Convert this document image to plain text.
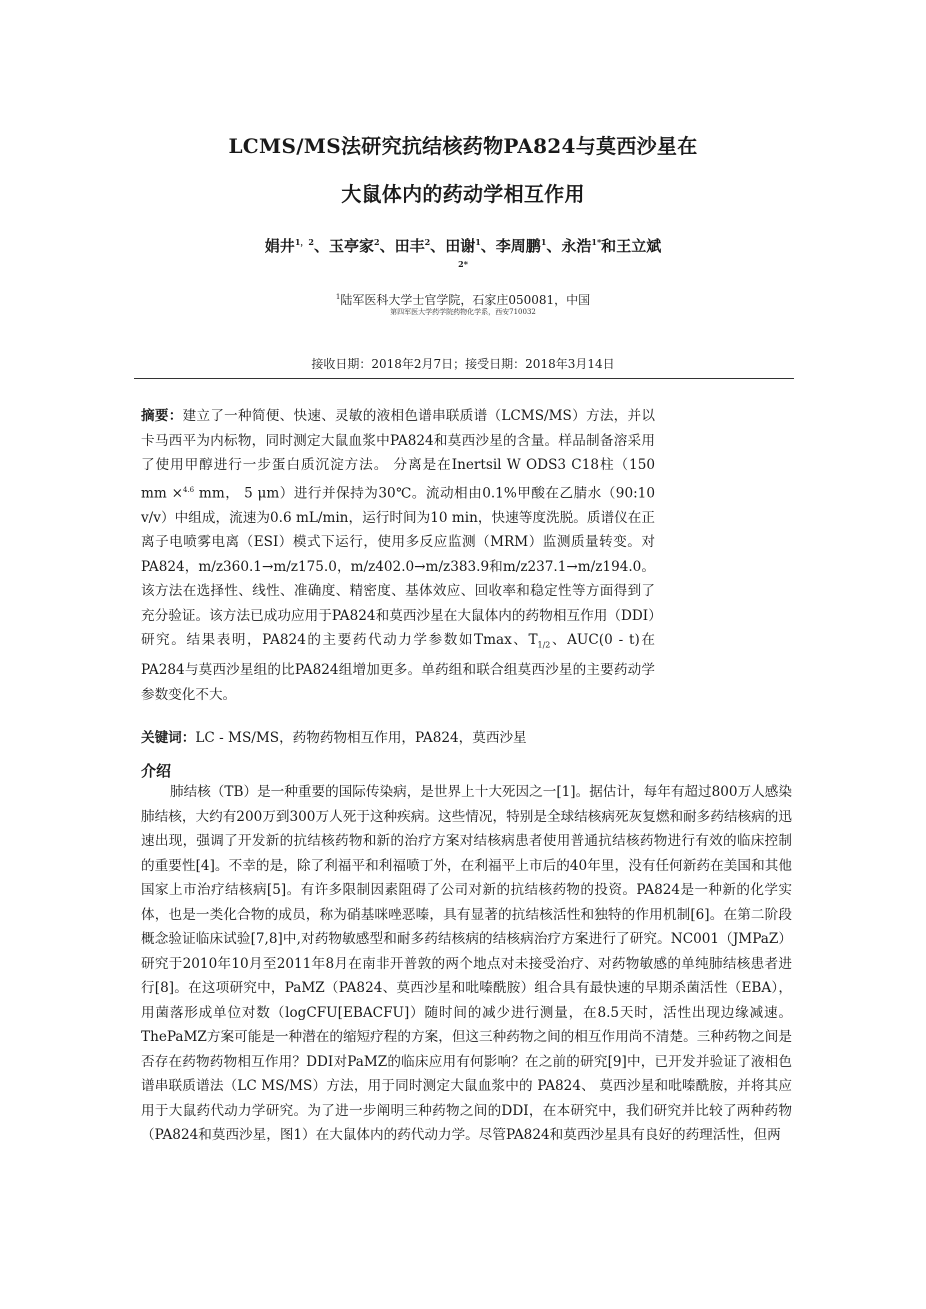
LCMS/MS法研究抗结核药物PA824与莫西沙星在
大鼠体内的药动学相互作用
娟井$^{1,2}$、玉亭家$^2$、田丰$^2$、田谢$^1$、李周鹏$^1$、永浩$^{1*}$和王立斌
2*
$^1$陆军医科大学士官学院，石家庄050081，中国
第四军医大学药学院药物化学系，西安710032
接收日期：2018年2月7日；接受日期：2018年3月14日

摘要：建立了一种简便、快速、灵敏的液相色谱串联质谱（LCMS/MS）方法，并以卡马西平为内标物，同时测定大鼠血浆中PA824和莫西沙星的含量。样品制备溶采用了使用甲醇进行一步蛋白质沉淀方法。 分离是在Inertsil W ODS3 C18柱（150 mm ×$^{4.6}$ mm， 5 μm）进行并保持为30℃。流动相由0.1%甲酸在乙腈水（90:10 v/v）中组成，流速为0.6 mL/min，运行时间为10 min，快速等度洗脱。质谱仪在正离子电喷雾电离（ESI）模式下运行，使用多反应监测（MRM）监测质量转变。对PA824，m/z360.1→m/z175.0，m/z402.0→m/z383.9和m/z237.1→m/z194.0。该方法在选择性、线性、准确度、精密度、基体效应、回收率和稳定性等方面得到了充分验证。该方法已成功应用于PA824和莫西沙星在大鼠体内的药物相互作用（DDI）研究。结果表明，PA824的主要药代动力学参数如Tmax、$T_{1/2}$、AUC(0 - t)在PA284与莫西沙星组的比PA824组增加更多。单药组和联合组莫西沙星的主要药动学参数变化不大。

关键词：LC - MS/MS，药物药物相互作用，PA824，莫西沙星

介绍

肺结核（TB）是一种重要的国际传染病，是世界上十大死因之一[1]。据估计，每年有超过800万人感染肺结核，大约有200万到300万人死于这种疾病。这些情况，特别是全球结核病死灰复燃和耐多药结核病的迅速出现，强调了开发新的抗结核药物和新的治疗方案对结核病患者使用普通抗结核药物进行有效的临床控制的重要性[4]。不幸的是，除了利福平和利福喷丁外，在利福平上市后的40年里，没有任何新药在美国和其他国家上市治疗结核病[5]。有许多限制因素阻碍了公司对新的抗结核药物的投资。PA824是一种新的化学实体，也是一类化合物的成员，称为硝基咪唑恶嗪，具有显著的抗结核活性和独特的作用机制[6]。在第二阶段概念验证临床试验[7,8]中,对药物敏感型和耐多药结核病的结核病治疗方案进行了研究。NC001（JMPaZ）研究于2010年10月至2011年8月在南非开普敦的两个地点对未接受治疗、对药物敏感的单纯肺结核患者进行[8]。在这项研究中，PaMZ（PA824、莫西沙星和吡嗪酰胺）组合具有最快速的早期杀菌活性（EBA），用菌落形成单位对数（logCFU[EBACFU]）随时间的减少进行测量，在8.5天时，活性出现边缘减速。ThePaMZ方案可能是一种潜在的缩短疗程的方案，但这三种药物之间的相互作用尚不清楚。三种药物之间是否存在药物药物相互作用？DDI对PaMZ的临床应用有何影响？在之前的研究[9]中，已开发并验证了液相色谱串联质谱法（LC MS/MS）方法，用于同时测定大鼠血浆中的 PA824、 莫西沙星和吡嗪酰胺，并将其应用于大鼠药代动力学研究。为了进一步阐明三种药物之间的DDI，在本研究中，我们研究并比较了两种药物（PA824和莫西沙星，图1）在大鼠体内的药代动力学。尽管PA824和莫西沙星具有良好的药理活性，但两
